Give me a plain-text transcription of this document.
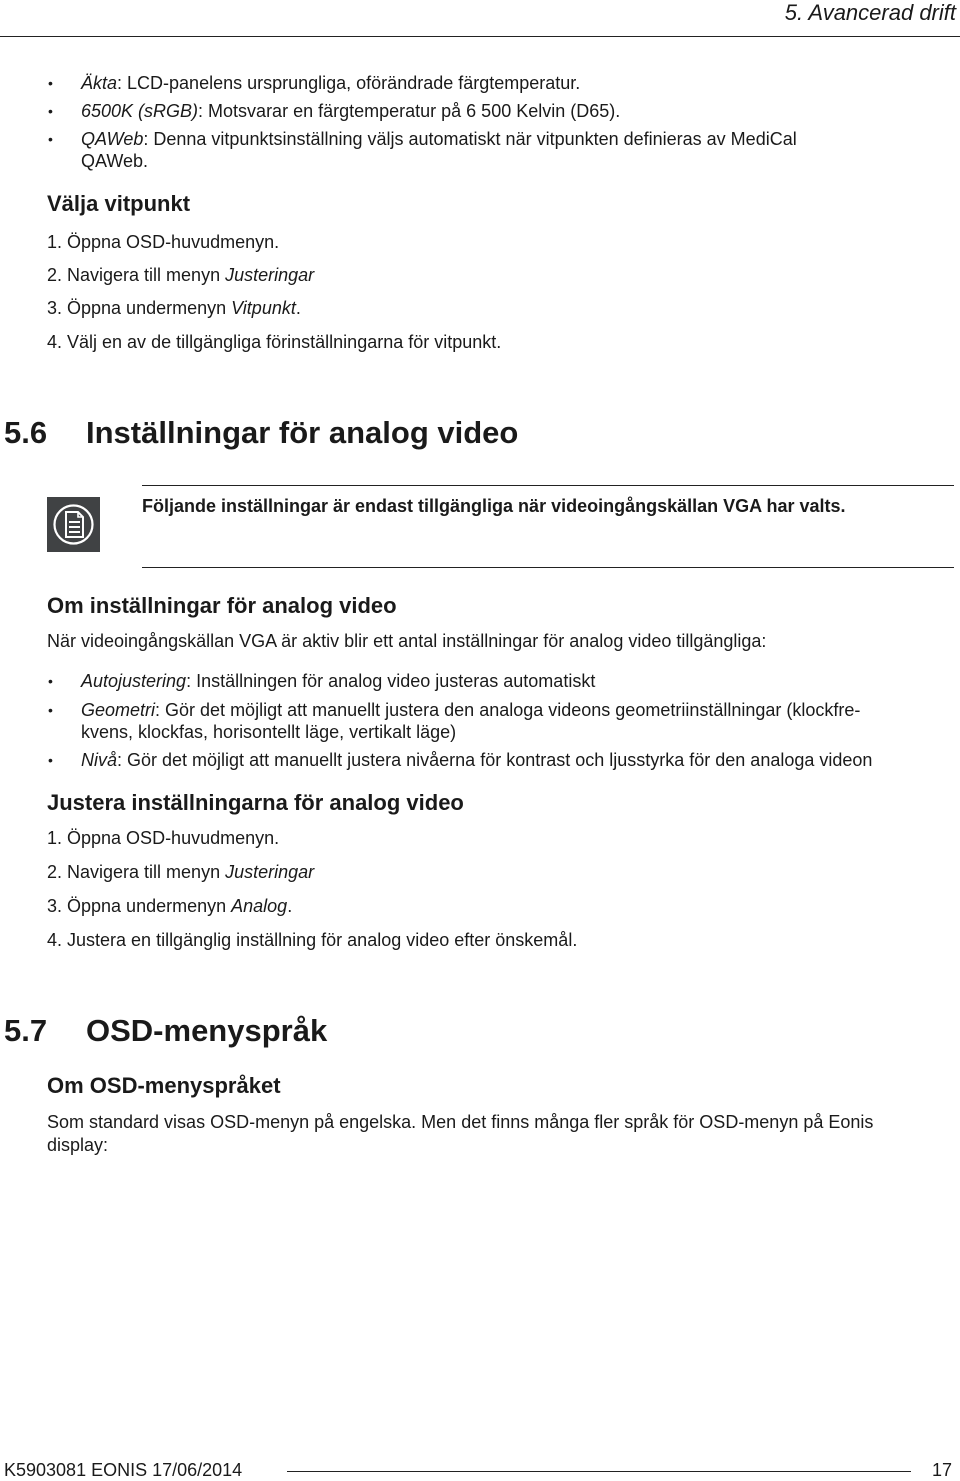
5. Avancerad drift
• Äkta: LCD-panelens ursprungliga, oförändrade färgtemperatur.
• 6500K (sRGB): Motsvarar en färgtemperatur på 6 500 Kelvin (D65).
• QAWeb: Denna vitpunktsinställning väljs automatiskt när vitpunkten definieras av MediCal QAWeb.
Välja vitpunkt
1. Öppna OSD-huvudmenyn.
2. Navigera till menyn Justeringar
3. Öppna undermenyn Vitpunkt.
4. Välj en av de tillgängliga förinställningarna för vitpunkt.
5.6 Inställningar för analog video
Följande inställningar är endast tillgängliga när videoingångskällan VGA har valts.
Om inställningar för analog video
När videoingångskällan VGA är aktiv blir ett antal inställningar för analog video tillgängliga:
• Autojustering: Inställningen för analog video justeras automatiskt
• Geometri: Gör det möjligt att manuellt justera den analoga videons geometriinställningar (klockfre-
kvens, klockfas, horisontellt läge, vertikalt läge)
• Nivå: Gör det möjligt att manuellt justera nivåerna för kontrast och ljusstyrka för den analoga videon
Justera inställningarna för analog video
1. Öppna OSD-huvudmenyn.
2. Navigera till menyn Justeringar
3. Öppna undermenyn Analog.
4. Justera en tillgänglig inställning för analog video efter önskemål.
5.7 OSD-menyspråk
Om OSD-menyspråket
Som standard visas OSD-menyn på engelska. Men det finns många fler språk för OSD-menyn på Eonis
display:
K5903081 EONIS 17/06/2014	17
